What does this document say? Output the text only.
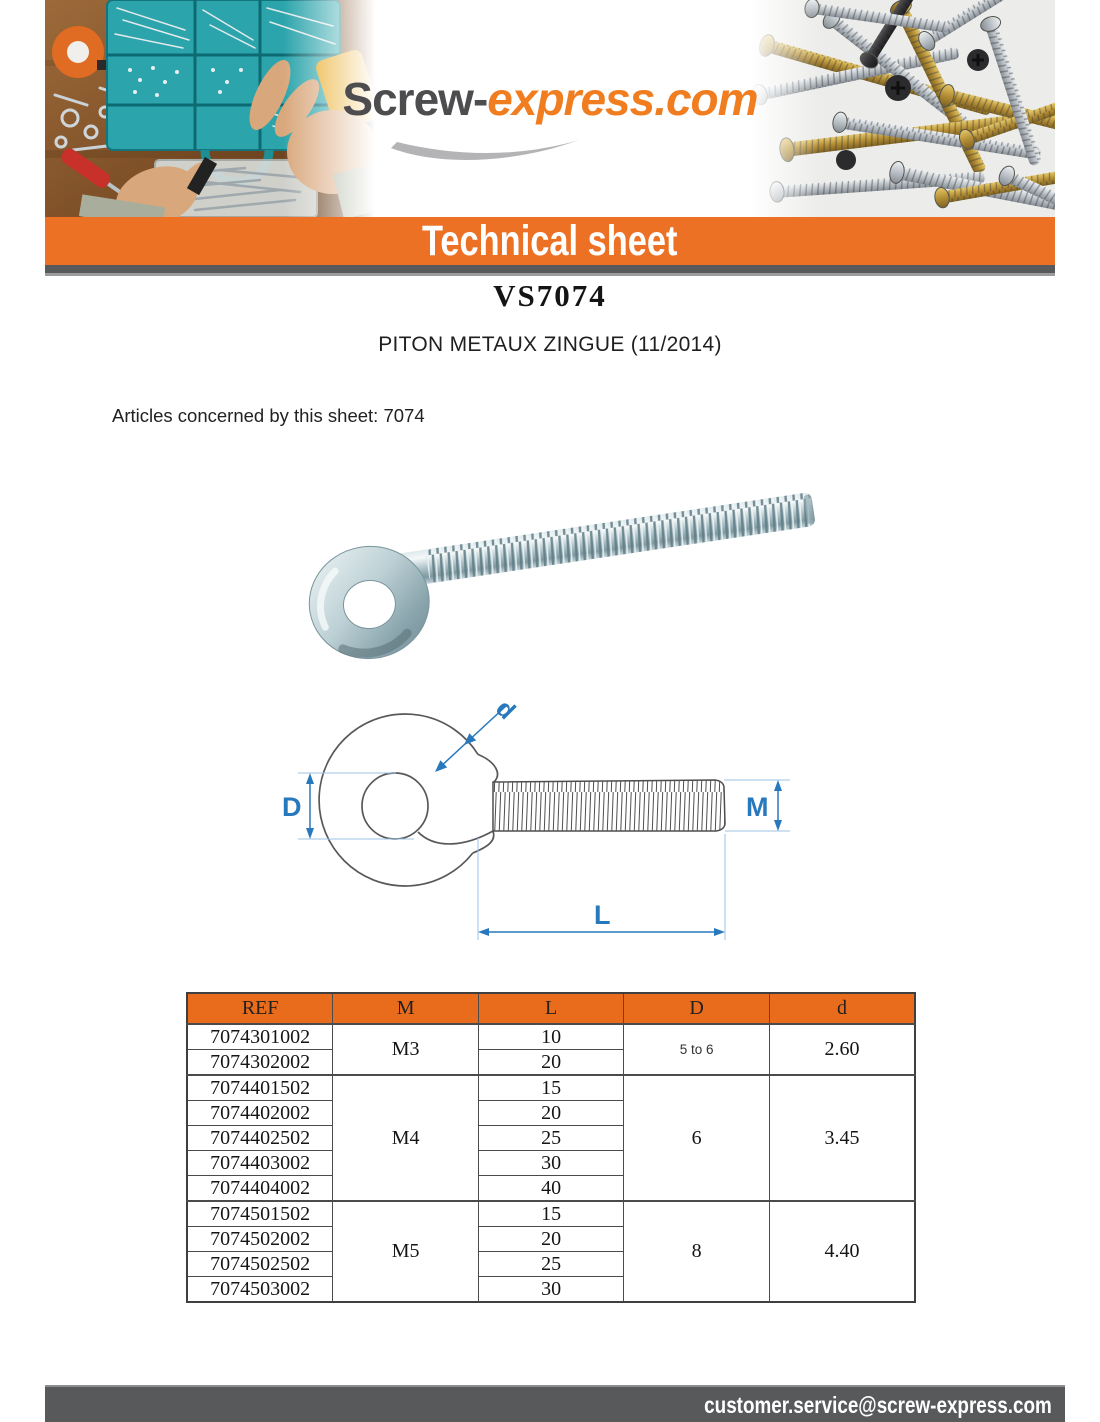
Screw-express.com
Technical sheet
VS7074
PITON METAUX ZINGUE (11/2014)
Articles concerned by this sheet: 7074
D
d
M
L
REF	M	L	D	d
7074301002	M3	10	5 to 6	2.60
7074302002		20		
7074401502	M4	15	6	3.45
7074402002		20		
7074402502		25		
7074403002		30		
7074404002		40		
7074501502	M5	15	8	4.40
7074502002		20		
7074502502		25		
7074503002		30		
customer.service@screw-express.com
